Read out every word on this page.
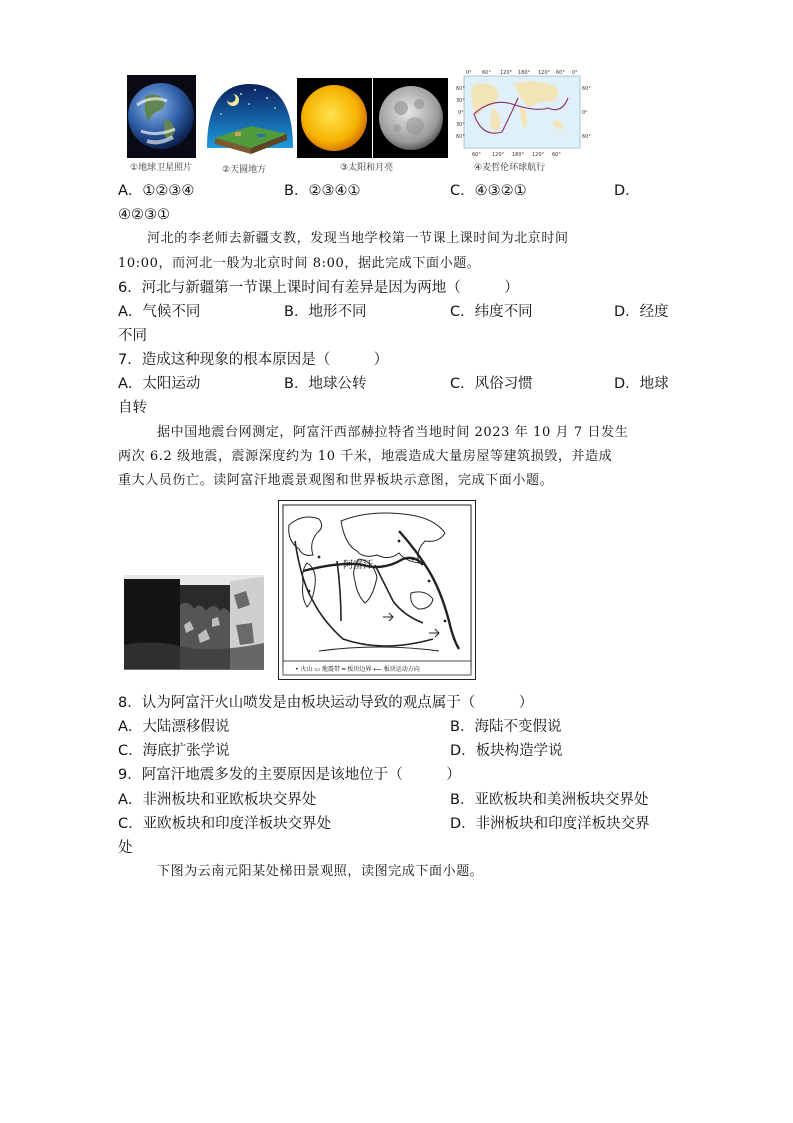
①地球卫星照片	②天圆地方	③太阳和月亮
60°
30°
0°
30°
60°
60°
0°
60°
0° 60° 120° 180° 120° 60° 0°
60° 120° 180° 120° 60°
④麦哲伦环球航行
A．①②③④	B．②③④①	C．④③②①	D．
④②③①
河北的李老师去新疆支教，发现当地学校第一节课上课时间为北京时间
10:00，而河北一般为北京时间 8:00，据此完成下面小题。
6．河北与新疆第一节课上课时间有差异是因为两地（　　　）
A．气候不同	B．地形不同	C．纬度不同	D．经度
不同
7．造成这种现象的根本原因是（　　　）
A．太阳运动	B．地球公转	C．风俗习惯	D．地球
自转
据中国地震台网测定，阿富汗西部赫拉特省当地时间 2023 年 10 月 7 日发生
两次 6.2 级地震，震源深度约为 10 千米，地震造成大量房屋等建筑损毁，并造成
重大人员伤亡。读阿富汗地震景观图和世界板块示意图，完成下面小题。
阿富汗
• 火山 ▭ 地震带 ━ 板块边界 ⟵ 板块运动方向
8．认为阿富汗火山喷发是由板块运动导致的观点属于（　　　）
A．大陆漂移假说	B．海陆不变假说
C．海底扩张学说	D．板块构造学说
9．阿富汗地震多发的主要原因是该地位于（　　　）
A．非洲板块和亚欧板块交界处	B．亚欧板块和美洲板块交界处
C．亚欧板块和印度洋板块交界处	D．非洲板块和印度洋板块交界
处
下图为云南元阳某处梯田景观照，读图完成下面小题。
